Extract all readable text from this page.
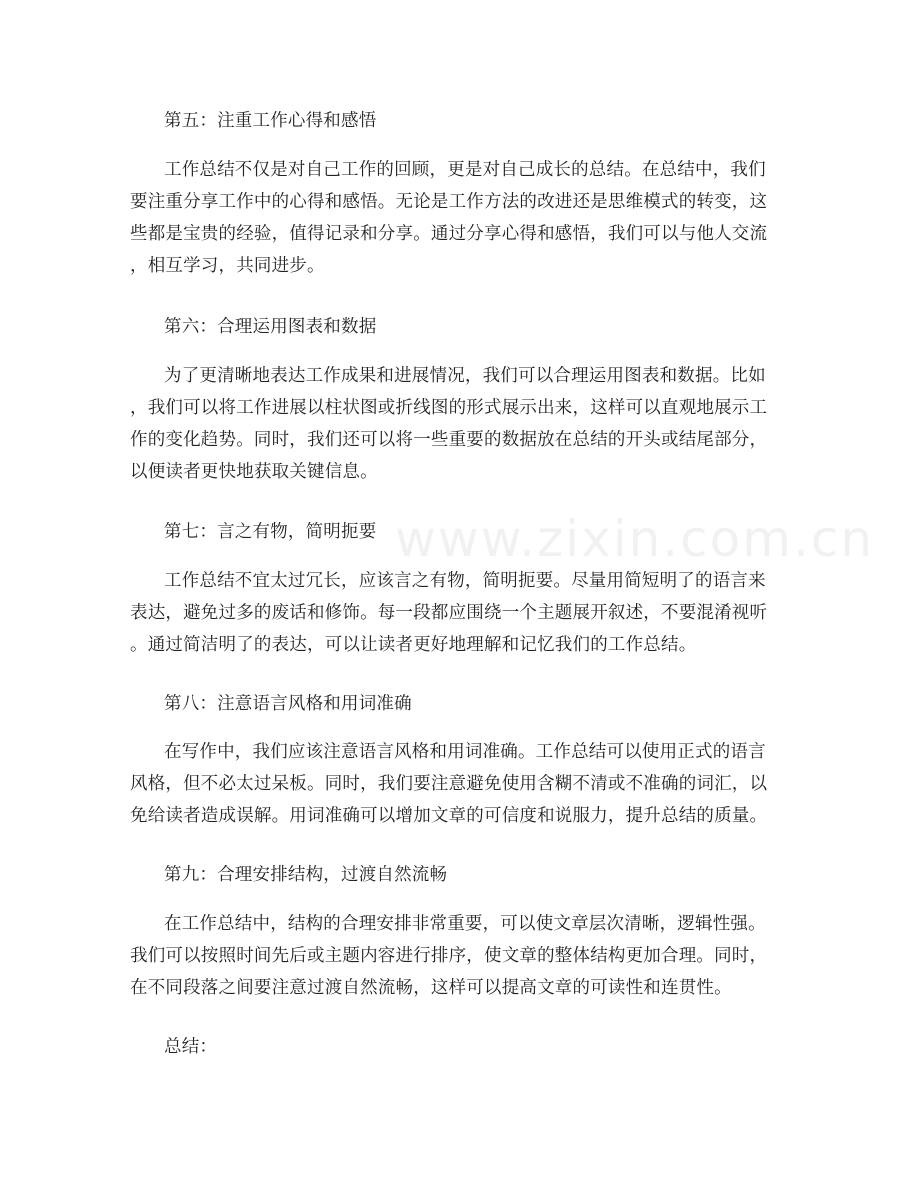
www.zixin.com.cn
第五：注重工作心得和感悟
工作总结不仅是对自己工作的回顾，更是对自己成长的总结。在总结中，我们
要注重分享工作中的心得和感悟。无论是工作方法的改进还是思维模式的转变，这
些都是宝贵的经验，值得记录和分享。通过分享心得和感悟，我们可以与他人交流
，相互学习，共同进步。
第六：合理运用图表和数据
为了更清晰地表达工作成果和进展情况，我们可以合理运用图表和数据。比如
，我们可以将工作进展以柱状图或折线图的形式展示出来，这样可以直观地展示工
作的变化趋势。同时，我们还可以将一些重要的数据放在总结的开头或结尾部分，
以便读者更快地获取关键信息。
第七：言之有物，简明扼要
工作总结不宜太过冗长，应该言之有物，简明扼要。尽量用简短明了的语言来
表达，避免过多的废话和修饰。每一段都应围绕一个主题展开叙述，不要混淆视听
。通过简洁明了的表达，可以让读者更好地理解和记忆我们的工作总结。
第八：注意语言风格和用词准确
在写作中，我们应该注意语言风格和用词准确。工作总结可以使用正式的语言
风格，但不必太过呆板。同时，我们要注意避免使用含糊不清或不准确的词汇，以
免给读者造成误解。用词准确可以增加文章的可信度和说服力，提升总结的质量。
第九：合理安排结构，过渡自然流畅
在工作总结中，结构的合理安排非常重要，可以使文章层次清晰，逻辑性强。
我们可以按照时间先后或主题内容进行排序，使文章的整体结构更加合理。同时，
在不同段落之间要注意过渡自然流畅，这样可以提高文章的可读性和连贯性。
总结：
